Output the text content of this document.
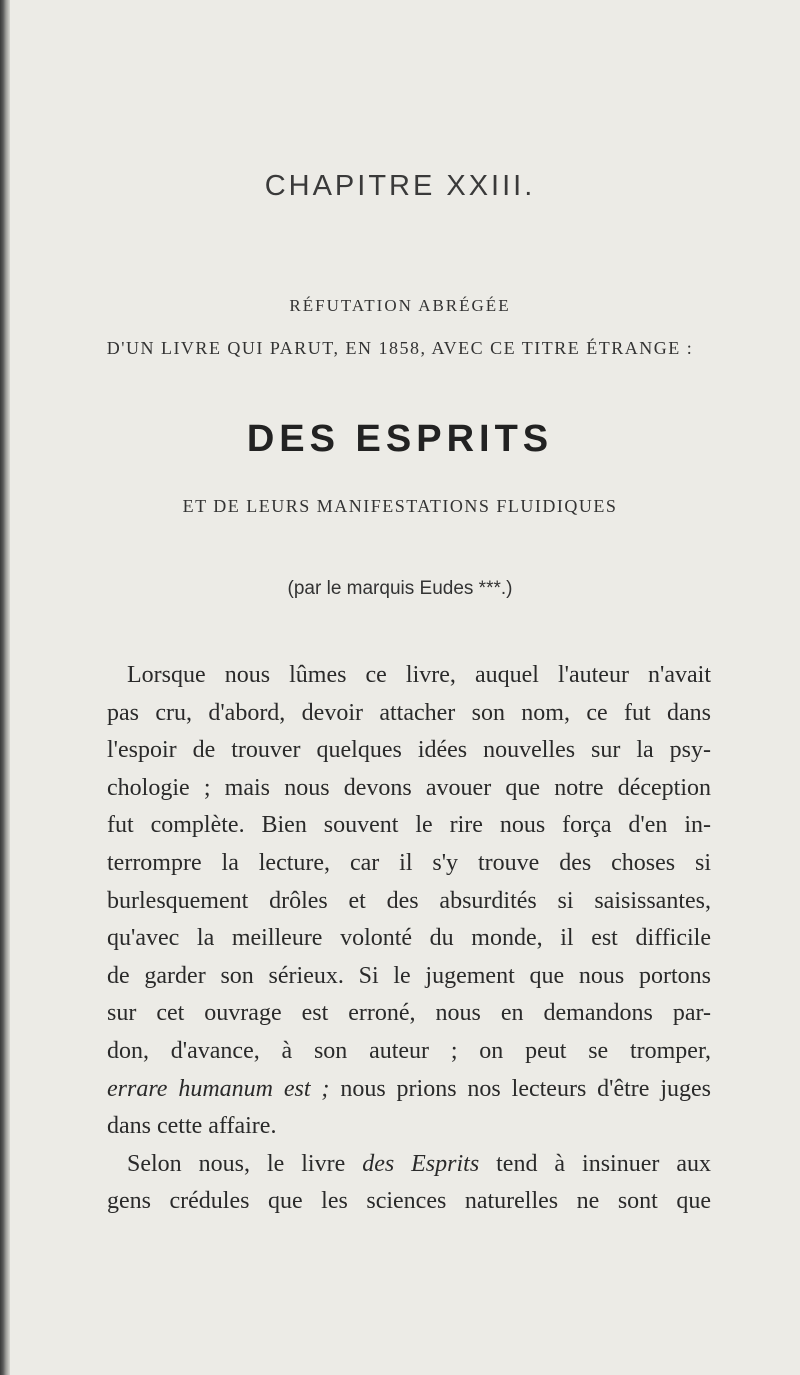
CHAPITRE XXIII.
RÉFUTATION ABRÉGÉE
D'UN LIVRE QUI PARUT, EN 1858, AVEC CE TITRE ÉTRANGE :
DES ESPRITS
ET DE LEURS MANIFESTATIONS FLUIDIQUES
(par le marquis Eudes ***.)
Lorsque nous lûmes ce livre, auquel l'auteur n'avait
pas cru, d'abord, devoir attacher son nom, ce fut dans
l'espoir de trouver quelques idées nouvelles sur la psy-
chologie ; mais nous devons avouer que notre déception
fut complète. Bien souvent le rire nous força d'en in-
terrompre la lecture, car il s'y trouve des choses si
burlesquement drôles et des absurdités si saisissantes,
qu'avec la meilleure volonté du monde, il est difficile
de garder son sérieux. Si le jugement que nous portons
sur cet ouvrage est erroné, nous en demandons par-
don, d'avance, à son auteur ; on peut se tromper,
errare humanum est ; nous prions nos lecteurs d'être juges
dans cette affaire.
Selon nous, le livre des Esprits tend à insinuer aux
gens crédules que les sciences naturelles ne sont que
